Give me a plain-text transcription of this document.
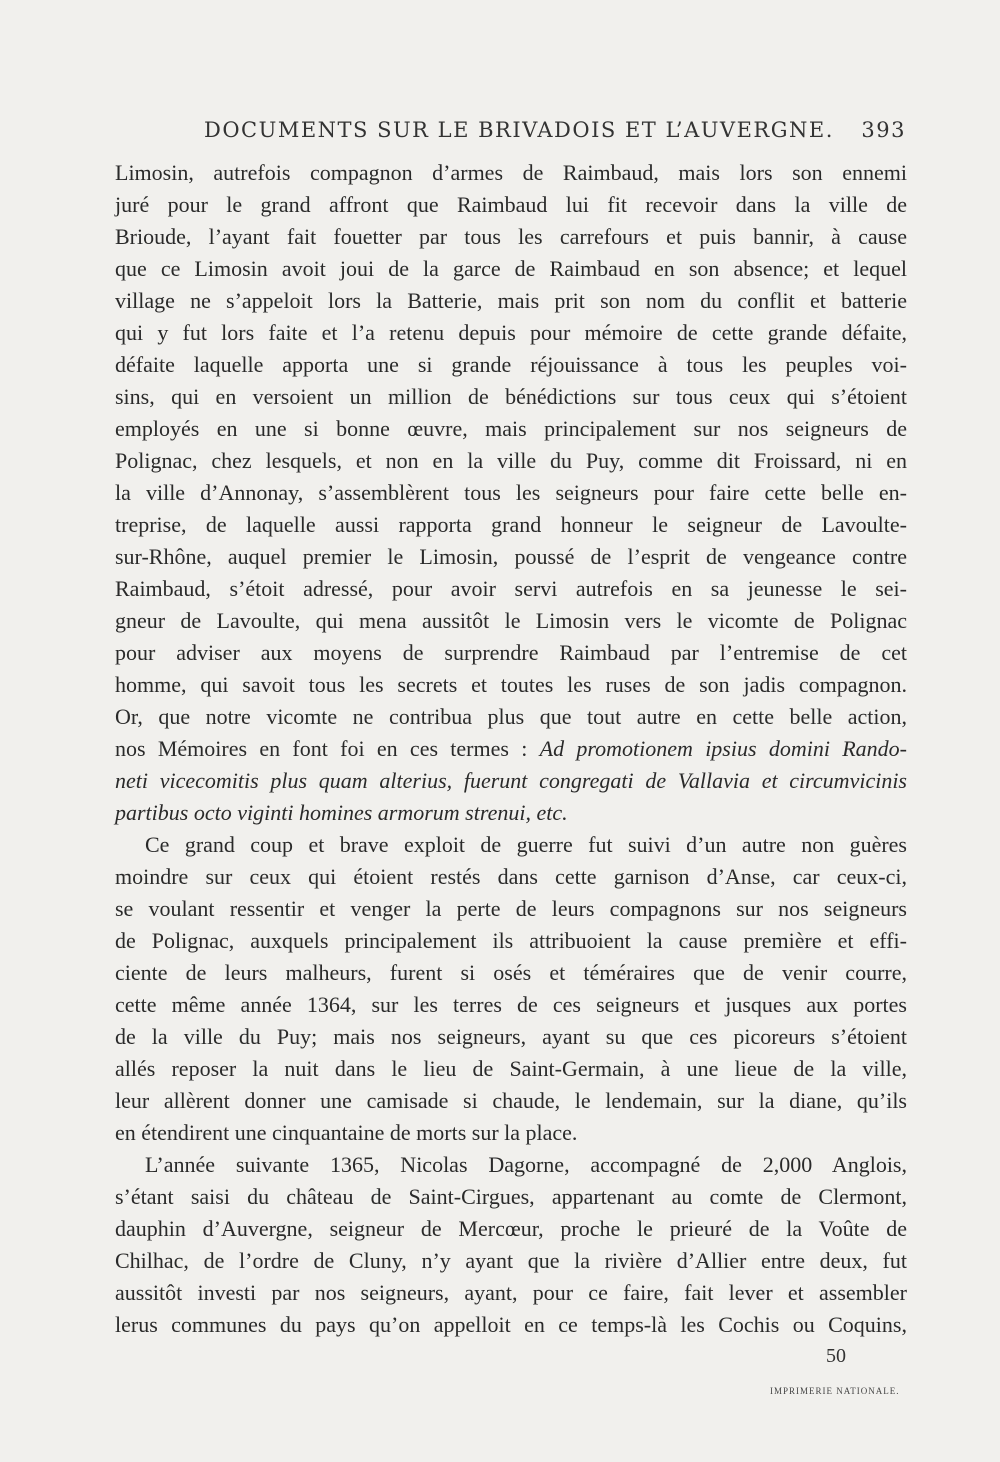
DOCUMENTS SUR LE BRIVADOIS ET L’AUVERGNE. 393
Limosin, autrefois compagnon d’armes de Raimbaud, mais lors son ennemi
juré pour le grand affront que Raimbaud lui fit recevoir dans la ville de
Brioude, l’ayant fait fouetter par tous les carrefours et puis bannir, à cause
que ce Limosin avoit joui de la garce de Raimbaud en son absence; et lequel
village ne s’appeloit lors la Batterie, mais prit son nom du conflit et batterie
qui y fut lors faite et l’a retenu depuis pour mémoire de cette grande défaite,
défaite laquelle apporta une si grande réjouissance à tous les peuples voi-
sins, qui en versoient un million de bénédictions sur tous ceux qui s’étoient
employés en une si bonne œuvre, mais principalement sur nos seigneurs de
Polignac, chez lesquels, et non en la ville du Puy, comme dit Froissard, ni en
la ville d’Annonay, s’assemblèrent tous les seigneurs pour faire cette belle en-
treprise, de laquelle aussi rapporta grand honneur le seigneur de Lavoulte-
sur-Rhône, auquel premier le Limosin, poussé de l’esprit de vengeance contre
Raimbaud, s’étoit adressé, pour avoir servi autrefois en sa jeunesse le sei-
gneur de Lavoulte, qui mena aussitôt le Limosin vers le vicomte de Polignac
pour adviser aux moyens de surprendre Raimbaud par l’entremise de cet
homme, qui savoit tous les secrets et toutes les ruses de son jadis compagnon.
Or, que notre vicomte ne contribua plus que tout autre en cette belle action,
nos Mémoires en font foi en ces termes : Ad promotionem ipsius domini Rando-
neti vicecomitis plus quam alterius, fuerunt congregati de Vallavia et circumvicinis
partibus octo viginti homines armorum strenui, etc.
Ce grand coup et brave exploit de guerre fut suivi d’un autre non guères
moindre sur ceux qui étoient restés dans cette garnison d’Anse, car ceux-ci,
se voulant ressentir et venger la perte de leurs compagnons sur nos seigneurs
de Polignac, auxquels principalement ils attribuoient la cause première et effi-
ciente de leurs malheurs, furent si osés et téméraires que de venir courre,
cette même année 1364, sur les terres de ces seigneurs et jusques aux portes
de la ville du Puy; mais nos seigneurs, ayant su que ces picoreurs s’étoient
allés reposer la nuit dans le lieu de Saint-Germain, à une lieue de la ville,
leur allèrent donner une camisade si chaude, le lendemain, sur la diane, qu’ils
en étendirent une cinquantaine de morts sur la place.
L’année suivante 1365, Nicolas Dagorne, accompagné de 2,000 Anglois,
s’étant saisi du château de Saint-Cirgues, appartenant au comte de Clermont,
dauphin d’Auvergne, seigneur de Mercœur, proche le prieuré de la Voûte de
Chilhac, de l’ordre de Cluny, n’y ayant que la rivière d’Allier entre deux, fut
aussitôt investi par nos seigneurs, ayant, pour ce faire, fait lever et assembler
lerus communes du pays qu’on appelloit en ce temps-là les Cochis ou Coquins,
50
IMPRIMERIE NATIONALE.
